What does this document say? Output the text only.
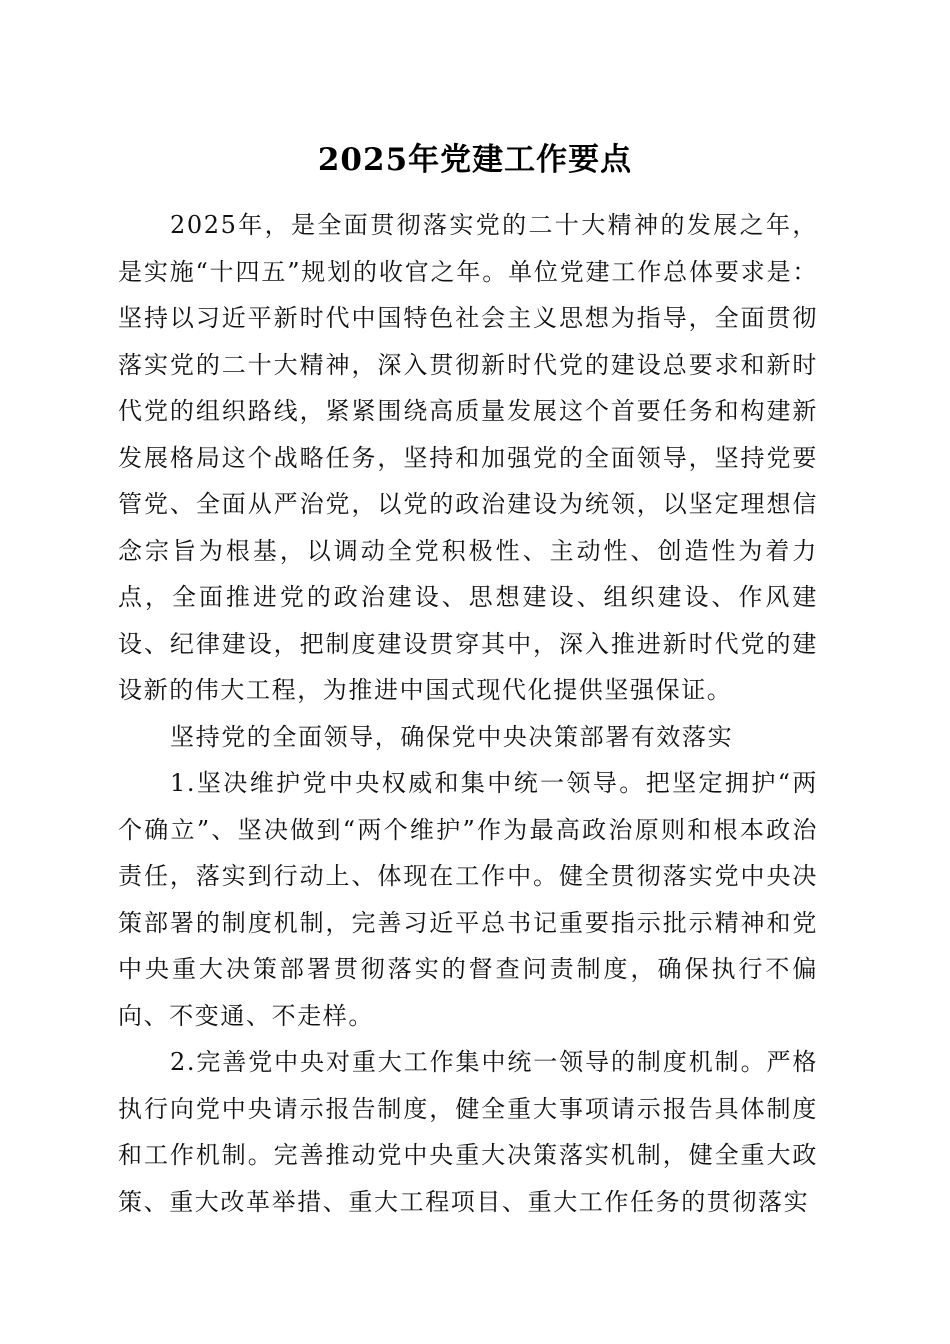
2025年党建工作要点

2025年，是全面贯彻落实党的二十大精神的发展之年，是实施“十四五”规划的收官之年。单位党建工作总体要求是：坚持以习近平新时代中国特色社会主义思想为指导，全面贯彻落实党的二十大精神，深入贯彻新时代党的建设总要求和新时代党的组织路线，紧紧围绕高质量发展这个首要任务和构建新发展格局这个战略任务，坚持和加强党的全面领导，坚持党要管党、全面从严治党，以党的政治建设为统领，以坚定理想信念宗旨为根基，以调动全党积极性、主动性、创造性为着力点，全面推进党的政治建设、思想建设、组织建设、作风建设、纪律建设，把制度建设贯穿其中，深入推进新时代党的建设新的伟大工程，为推进中国式现代化提供坚强保证。

坚持党的全面领导，确保党中央决策部署有效落实

1.坚决维护党中央权威和集中统一领导。把坚定拥护“两个确立”、坚决做到“两个维护”作为最高政治原则和根本政治责任，落实到行动上、体现在工作中。健全贯彻落实党中央决策部署的制度机制，完善习近平总书记重要指示批示精神和党中央重大决策部署贯彻落实的督查问责制度，确保执行不偏向、不变通、不走样。

2.完善党中央对重大工作集中统一领导的制度机制。严格执行向党中央请示报告制度，健全重大事项请示报告具体制度和工作机制。完善推动党中央重大决策落实机制，健全重大政策、重大改革举措、重大工程项目、重大工作任务的贯彻落实
